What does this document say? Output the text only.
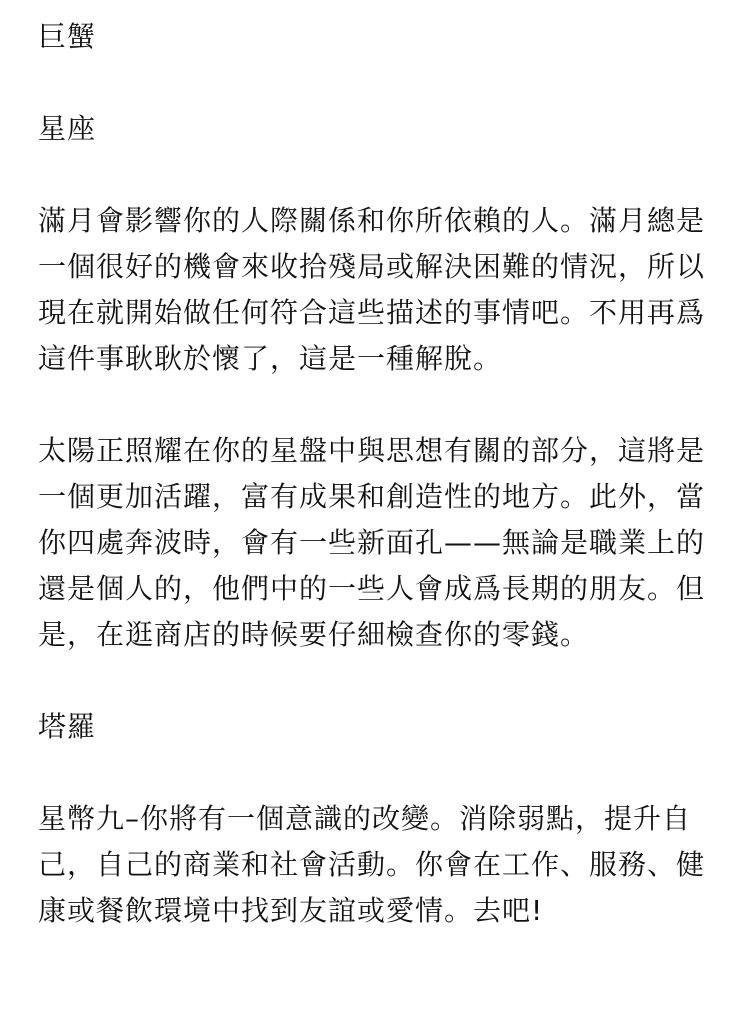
巨蟹

星座

滿月會影響你的人際關係和你所依賴的人。滿月總是一個很好的機會來收拾殘局或解決困難的情況，所以現在就開始做任何符合這些描述的事情吧。不用再爲這件事耿耿於懷了，這是一種解脫。

太陽正照耀在你的星盤中與思想有關的部分，這將是一個更加活躍，富有成果和創造性的地方。此外，當你四處奔波時，會有一些新面孔——無論是職業上的還是個人的，他們中的一些人會成爲長期的朋友。但是，在逛商店的時候要仔細檢查你的零錢。

塔羅

星幣九–你將有一個意識的改變。消除弱點，提升自己，自己的商業和社會活動。你會在工作、服務、健康或餐飲環境中找到友誼或愛情。去吧!
